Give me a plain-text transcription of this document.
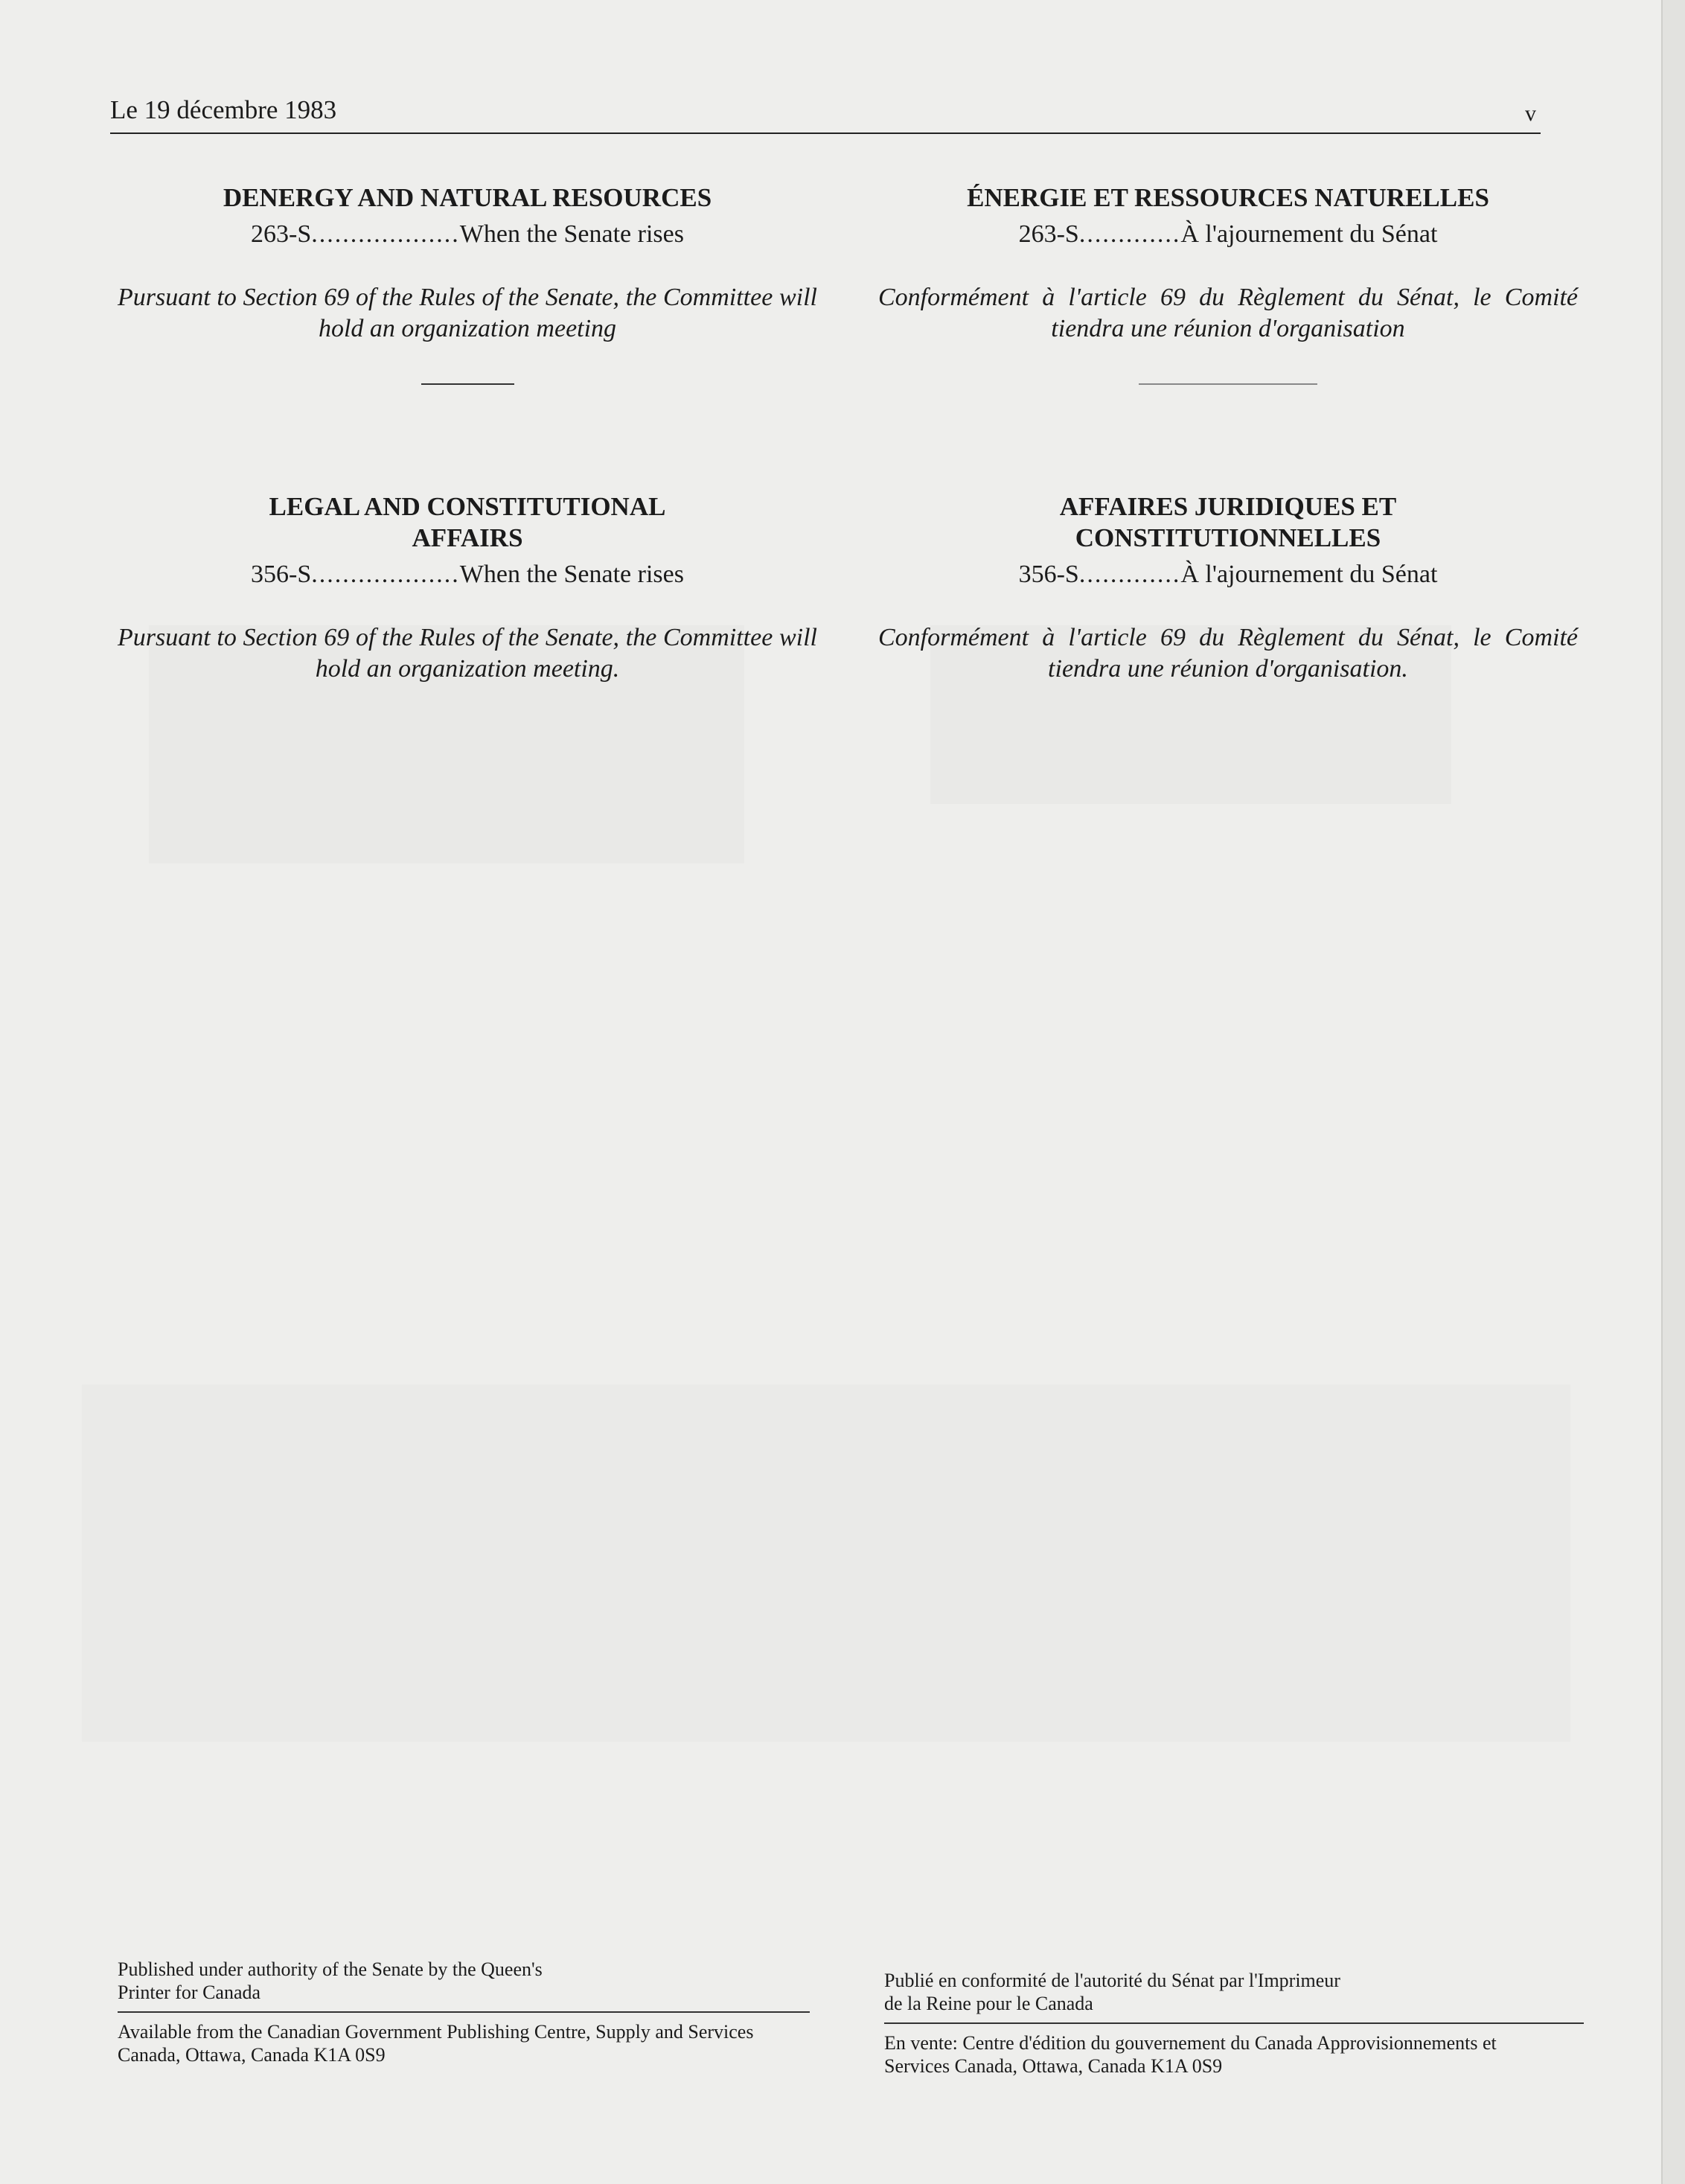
Le 19 décembre 1983	v
DENERGY AND NATURAL RESOURCES
263-S...................When the Senate rises
Pursuant to Section 69 of the Rules of the Senate, the Committee will hold an organization meeting
LEGAL AND CONSTITUTIONAL AFFAIRS
356-S...................When the Senate rises
Pursuant to Section 69 of the Rules of the Senate, the Committee will hold an organization meeting.
ÉNERGIE ET RESSOURCES NATURELLES
263-S.............À l'ajournement du Sénat
Conformément à l'article 69 du Règlement du Sénat, le Comité tiendra une réunion d'organisation
AFFAIRES JURIDIQUES ET CONSTITUTIONNELLES
356-S.............À l'ajournement du Sénat
Conformément à l'article 69 du Règlement du Sénat, le Comité tiendra une réunion d'organisation.
Published under authority of the Senate by the Queen's Printer for Canada
Available from the Canadian Government Publishing Centre, Supply and Services Canada, Ottawa, Canada K1A 0S9
Publié en conformité de l'autorité du Sénat par l'Imprimeur de la Reine pour le Canada
En vente: Centre d'édition du gouvernement du Canada Approvisionnements et Services Canada, Ottawa, Canada K1A 0S9
